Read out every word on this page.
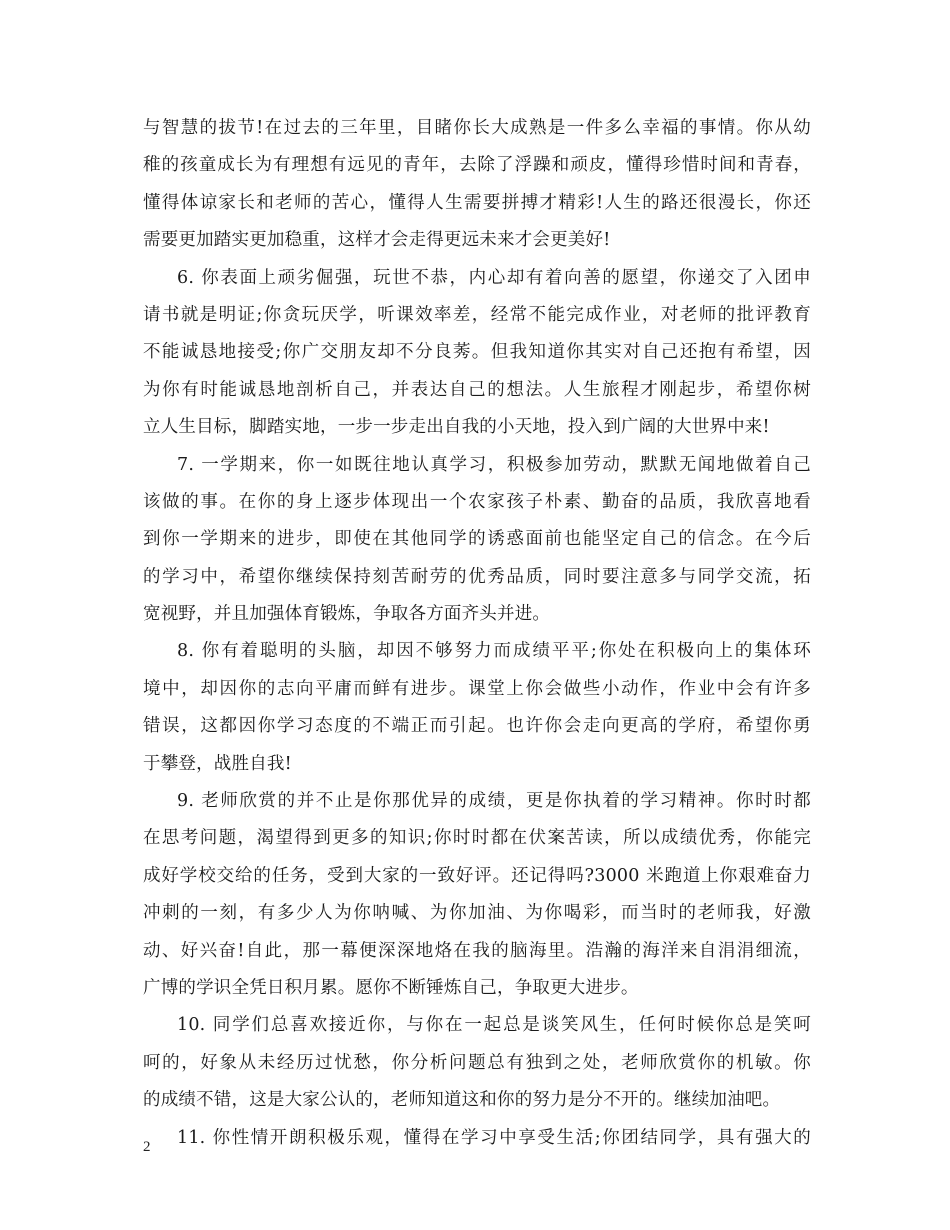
与智慧的拔节!在过去的三年里，目睹你长大成熟是一件多么幸福的事情。你从幼
稚的孩童成长为有理想有远见的青年，去除了浮躁和顽皮，懂得珍惜时间和青春，
懂得体谅家长和老师的苦心，懂得人生需要拼搏才精彩!人生的路还很漫长，你还
需要更加踏实更加稳重，这样才会走得更远未来才会更美好!
6. 你表面上顽劣倔强，玩世不恭，内心却有着向善的愿望，你递交了入团申
请书就是明证;你贪玩厌学，听课效率差，经常不能完成作业，对老师的批评教育
不能诚恳地接受;你广交朋友却不分良莠。但我知道你其实对自己还抱有希望，因
为你有时能诚恳地剖析自己，并表达自己的想法。人生旅程才刚起步，希望你树
立人生目标，脚踏实地，一步一步走出自我的小天地，投入到广阔的大世界中来!
7. 一学期来，你一如既往地认真学习，积极参加劳动，默默无闻地做着自己
该做的事。在你的身上逐步体现出一个农家孩子朴素、勤奋的品质，我欣喜地看
到你一学期来的进步，即使在其他同学的诱惑面前也能坚定自己的信念。在今后
的学习中，希望你继续保持刻苦耐劳的优秀品质，同时要注意多与同学交流，拓
宽视野，并且加强体育锻炼，争取各方面齐头并进。
8. 你有着聪明的头脑，却因不够努力而成绩平平;你处在积极向上的集体环
境中，却因你的志向平庸而鲜有进步。课堂上你会做些小动作，作业中会有许多
错误，这都因你学习态度的不端正而引起。也许你会走向更高的学府，希望你勇
于攀登，战胜自我!
9. 老师欣赏的并不止是你那优异的成绩，更是你执着的学习精神。你时时都
在思考问题，渴望得到更多的知识;你时时都在伏案苦读，所以成绩优秀，你能完
成好学校交给的任务，受到大家的一致好评。还记得吗?3000 米跑道上你艰难奋力
冲刺的一刻，有多少人为你呐喊、为你加油、为你喝彩，而当时的老师我，好激
动、好兴奋!自此，那一幕便深深地烙在我的脑海里。浩瀚的海洋来自涓涓细流，
广博的学识全凭日积月累。愿你不断锤炼自己，争取更大进步。
10. 同学们总喜欢接近你，与你在一起总是谈笑风生，任何时候你总是笑呵
呵的，好象从未经历过忧愁，你分析问题总有独到之处，老师欣赏你的机敏。你
的成绩不错，这是大家公认的，老师知道这和你的努力是分不开的。继续加油吧。
11. 你性情开朗积极乐观，懂得在学习中享受生活;你团结同学，具有强大的
2
